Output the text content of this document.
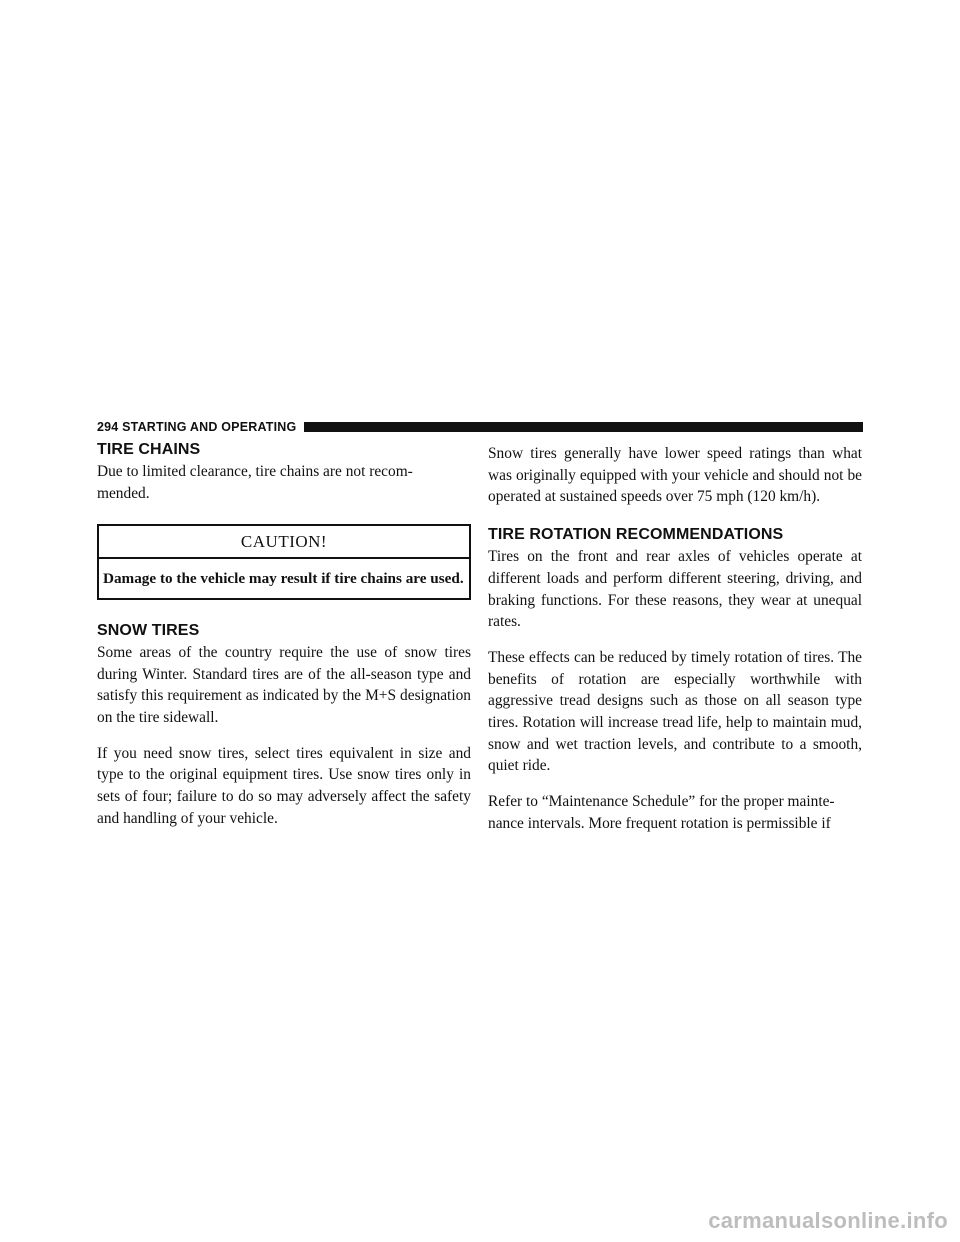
294 STARTING AND OPERATING
TIRE CHAINS

Due to limited clearance, tire chains are not recom-
mended.

CAUTION!
Damage to the vehicle may result if tire chains are used.
SNOW TIRES

Some areas of the country require the use of snow tires during Winter. Standard tires are of the all-season type and satisfy this requirement as indicated by the M+S designation on the tire sidewall.

If you need snow tires, select tires equivalent in size and type to the original equipment tires. Use snow tires only in sets of four; failure to do so may adversely affect the safety and handling of your vehicle.

Snow tires generally have lower speed ratings than what was originally equipped with your vehicle and should not be operated at sustained speeds over 75 mph (120 km/h).

TIRE ROTATION RECOMMENDATIONS

Tires on the front and rear axles of vehicles operate at different loads and perform different steering, driving, and braking functions. For these reasons, they wear at unequal rates.

These effects can be reduced by timely rotation of tires. The benefits of rotation are especially worthwhile with aggressive tread designs such as those on all season type tires. Rotation will increase tread life, help to maintain mud, snow and wet traction levels, and contribute to a smooth, quiet ride.

Refer to “Maintenance Schedule” for the proper mainte-
nance intervals. More frequent rotation is permissible if

carmanualsonline.info
